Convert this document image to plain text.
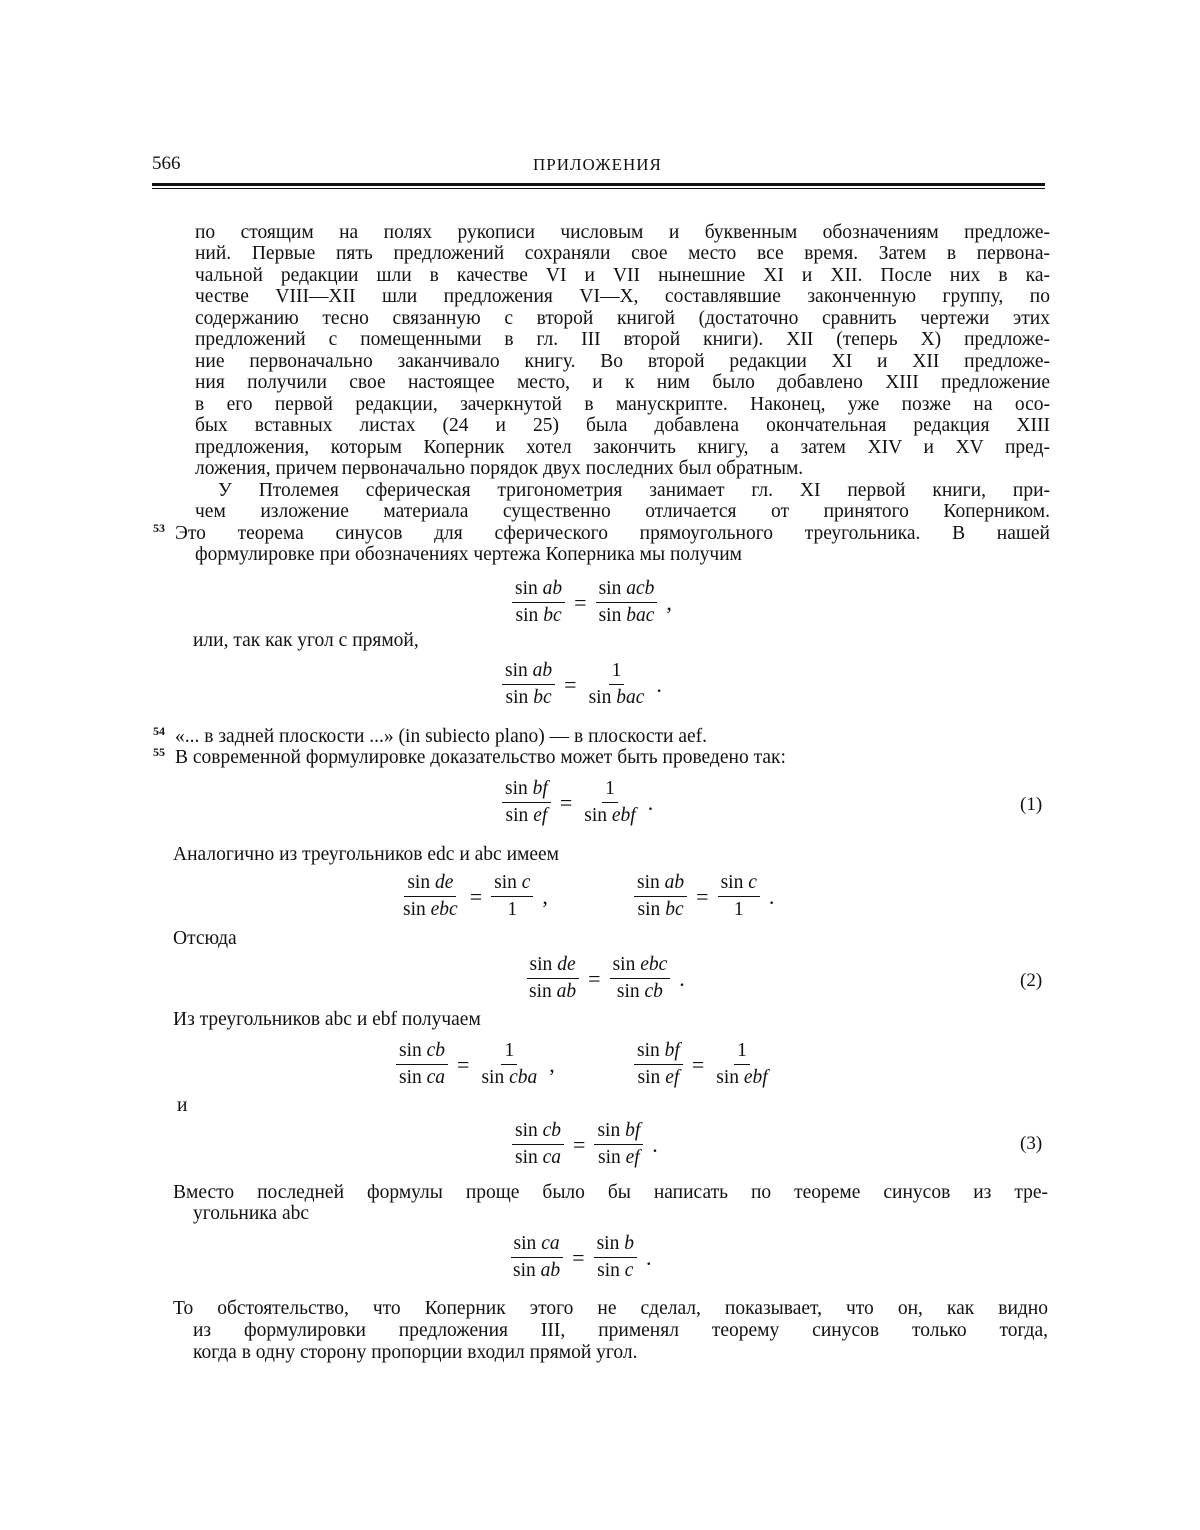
566	ПРИЛОЖЕНИЯ
по стоящим на полях рукописи числовым и буквенным обозначениям предложе-
ний. Первые пять предложений сохраняли свое место все время. Затем в первона-
чальной редакции шли в качестве VI и VII нынешние XI и XII. После них в ка-
честве VIII—XII шли предложения VI—X, составлявшие законченную группу, по
содержанию тесно связанную с второй книгой (достаточно сравнить чертежи этих
предложений с помещенными в гл. III второй книги). XII (теперь X) предложе-
ние первоначально заканчивало книгу. Во второй редакции XI и XII предложе-
ния получили свое настоящее место, и к ним было добавлено XIII предложение
в его первой редакции, зачеркнутой в манускрипте. Наконец, уже позже на осо-
бых вставных листах (24 и 25) была добавлена окончательная редакция XIII
предложения, которым Коперник хотел закончить книгу, а затем XIV и XV пред-
ложения, причем первоначально порядок двух последних был обратным.
У Птолемея сферическая тригонометрия занимает гл. XI первой книги, при-
чем изложение материала существенно отличается от принятого Коперником.
Это теорема синусов для сферического прямоугольного треугольника. В нашей
формулировке при обозначениях чертежа Коперника мы получим
или, так как угол c прямой,
«... в задней плоскости ...» (in subiecto plano) — в плоскости aef.
В современной формулировке доказательство может быть проведено так:
Аналогично из треугольников edc и abc имеем
Отсюда
Из треугольников abc и ebf получаем
и
Вместо последней формулы проще было бы написать по теореме синусов из тре-
угольника abc
То обстоятельство, что Коперник этого не сделал, показывает, что он, как видно
из формулировки предложения III, применял теорему синусов только тогда,
когда в одну сторону пропорции входил прямой угол.
53
54
55
sin ab
sin bc
=
sin acb
sin bac
,
sin ab
sin bc
=
1
sin bac
.
sin bf
sin ef
=
1
sin ebf
.	(1)
sin de
sin ebc
=
sin c
1
,
sin ab
sin bc
=
sin c
1
.
sin de
sin ab
=
sin ebc
sin cb
.	(2)
sin cb
sin ca
=
1
sin cba
,
sin bf
sin ef
=
1
sin ebf
sin cb
sin ca
=
sin bf
sin ef
.	(3)
sin ca
sin ab
=
sin b
sin c
.
